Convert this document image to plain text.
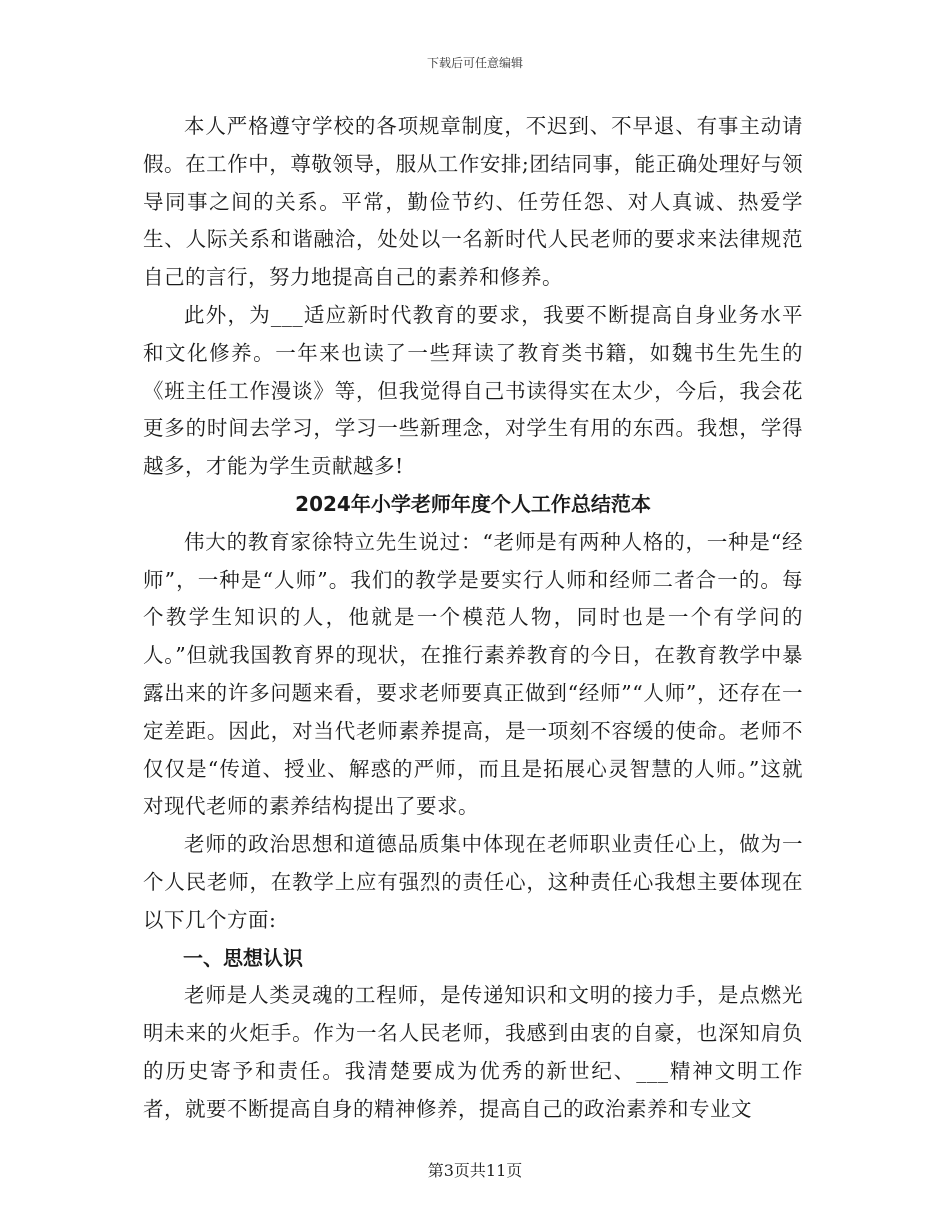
下载后可任意编辑

本人严格遵守学校的各项规章制度，不迟到、不早退、有事主动请假。在工作中，尊敬领导，服从工作安排;团结同事，能正确处理好与领导同事之间的关系。平常，勤俭节约、任劳任怨、对人真诚、热爱学生、人际关系和谐融洽，处处以一名新时代人民老师的要求来法律规范自己的言行，努力地提高自己的素养和修养。

此外，为___适应新时代教育的要求，我要不断提高自身业务水平和文化修养。一年来也读了一些拜读了教育类书籍，如魏书生先生的《班主任工作漫谈》等，但我觉得自己书读得实在太少，今后，我会花更多的时间去学习，学习一些新理念，对学生有用的东西。我想，学得越多，才能为学生贡献越多!

2024年小学老师年度个人工作总结范本

伟大的教育家徐特立先生说过：“老师是有两种人格的，一种是“经师”，一种是“人师”。我们的教学是要实行人师和经师二者合一的。每个教学生知识的人，他就是一个模范人物，同时也是一个有学问的人。”但就我国教育界的现状，在推行素养教育的今日，在教育教学中暴露出来的许多问题来看，要求老师要真正做到“经师”“人师”，还存在一定差距。因此，对当代老师素养提高，是一项刻不容缓的使命。老师不仅仅是“传道、授业、解惑的严师，而且是拓展心灵智慧的人师。”这就对现代老师的素养结构提出了要求。

老师的政治思想和道德品质集中体现在老师职业责任心上，做为一个人民老师，在教学上应有强烈的责任心，这种责任心我想主要体现在以下几个方面:

一、思想认识

老师是人类灵魂的工程师，是传递知识和文明的接力手，是点燃光明未来的火炬手。作为一名人民老师，我感到由衷的自豪，也深知肩负的历史寄予和责任。我清楚要成为优秀的新世纪、___精神文明工作者，就要不断提高自身的精神修养，提高自己的政治素养和专业文

第3页共11页
